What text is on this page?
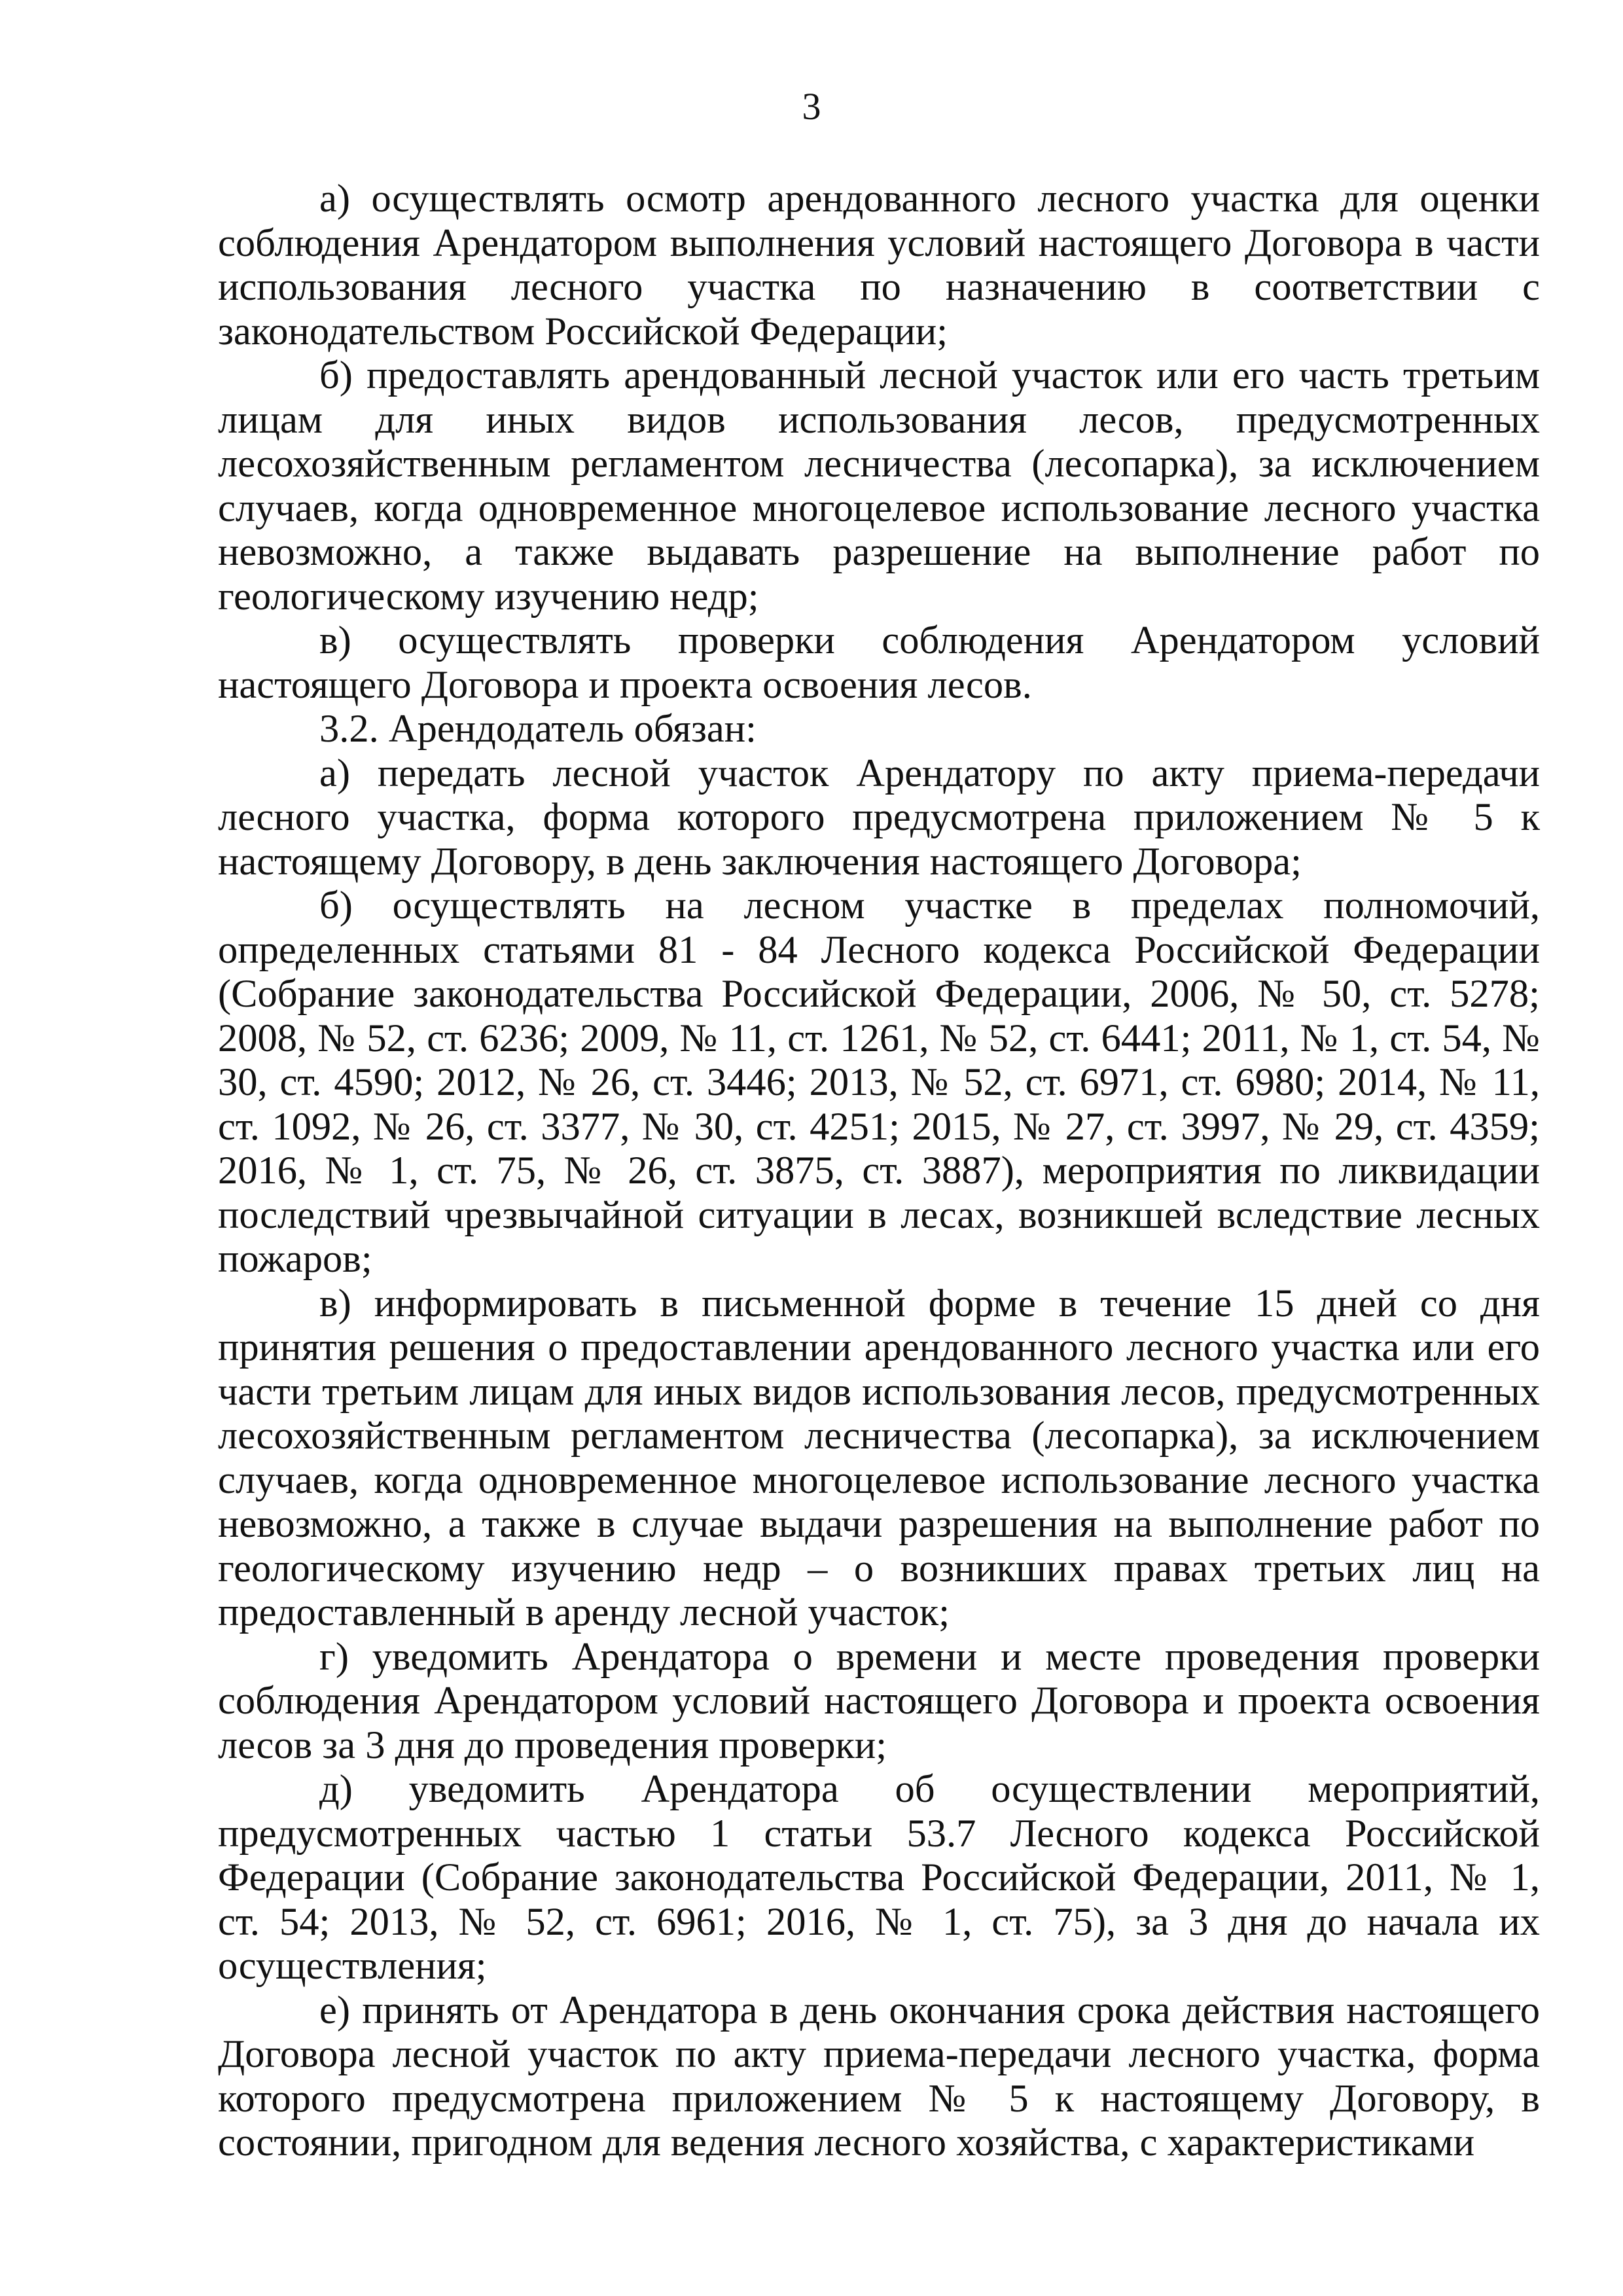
3

а) осуществлять осмотр арендованного лесного участка для оценки соблюдения Арендатором выполнения условий настоящего Договора в части использования лесного участка по назначению в соответствии с законодательством Российской Федерации;

б) предоставлять арендованный лесной участок или его часть третьим лицам для иных видов использования лесов, предусмотренных лесохозяйственным регламентом лесничества (лесопарка), за исключением случаев, когда одновременное многоцелевое использование лесного участка невозможно, а также выдавать разрешение на выполнение работ по геологическому изучению недр;

в) осуществлять проверки соблюдения Арендатором условий настоящего Договора и проекта освоения лесов.

3.2. Арендодатель обязан:

а) передать лесной участок Арендатору по акту приема-передачи лесного участка, форма которого предусмотрена приложением № 5 к настоящему Договору, в день заключения настоящего Договора;

б) осуществлять на лесном участке в пределах полномочий, определенных статьями 81 - 84 Лесного кодекса Российской Федерации (Собрание законодательства Российской Федерации, 2006, № 50, ст. 5278; 2008, № 52, ст. 6236; 2009, № 11, ст. 1261, № 52, ст. 6441; 2011, № 1, ст. 54, № 30, ст. 4590; 2012, № 26, ст. 3446; 2013, № 52, ст. 6971, ст. 6980; 2014, № 11, ст. 1092, № 26, ст. 3377, № 30, ст. 4251; 2015, № 27, ст. 3997, № 29, ст. 4359; 2016, № 1, ст. 75, № 26, ст. 3875, ст. 3887), мероприятия по ликвидации последствий чрезвычайной ситуации в лесах, возникшей вследствие лесных пожаров;

в) информировать в письменной форме в течение 15 дней со дня принятия решения о предоставлении арендованного лесного участка или его части третьим лицам для иных видов использования лесов, предусмотренных лесохозяйственным регламентом лесничества (лесопарка), за исключением случаев, когда одновременное многоцелевое использование лесного участка невозможно, а также в случае выдачи разрешения на выполнение работ по геологическому изучению недр – о возникших правах третьих лиц на предоставленный в аренду лесной участок;

г) уведомить Арендатора о времени и месте проведения проверки соблюдения Арендатором условий настоящего Договора и проекта освоения лесов за 3 дня до проведения проверки;

д) уведомить Арендатора об осуществлении мероприятий, предусмотренных частью 1 статьи 53.7 Лесного кодекса Российской Федерации (Собрание законодательства Российской Федерации, 2011, № 1, ст. 54; 2013, № 52, ст. 6961; 2016, № 1, ст. 75), за 3 дня до начала их осуществления;

е) принять от Арендатора в день окончания срока действия настоящего Договора лесной участок по акту приема-передачи лесного участка, форма которого предусмотрена приложением № 5 к настоящему Договору, в состоянии, пригодном для ведения лесного хозяйства, с характеристиками
